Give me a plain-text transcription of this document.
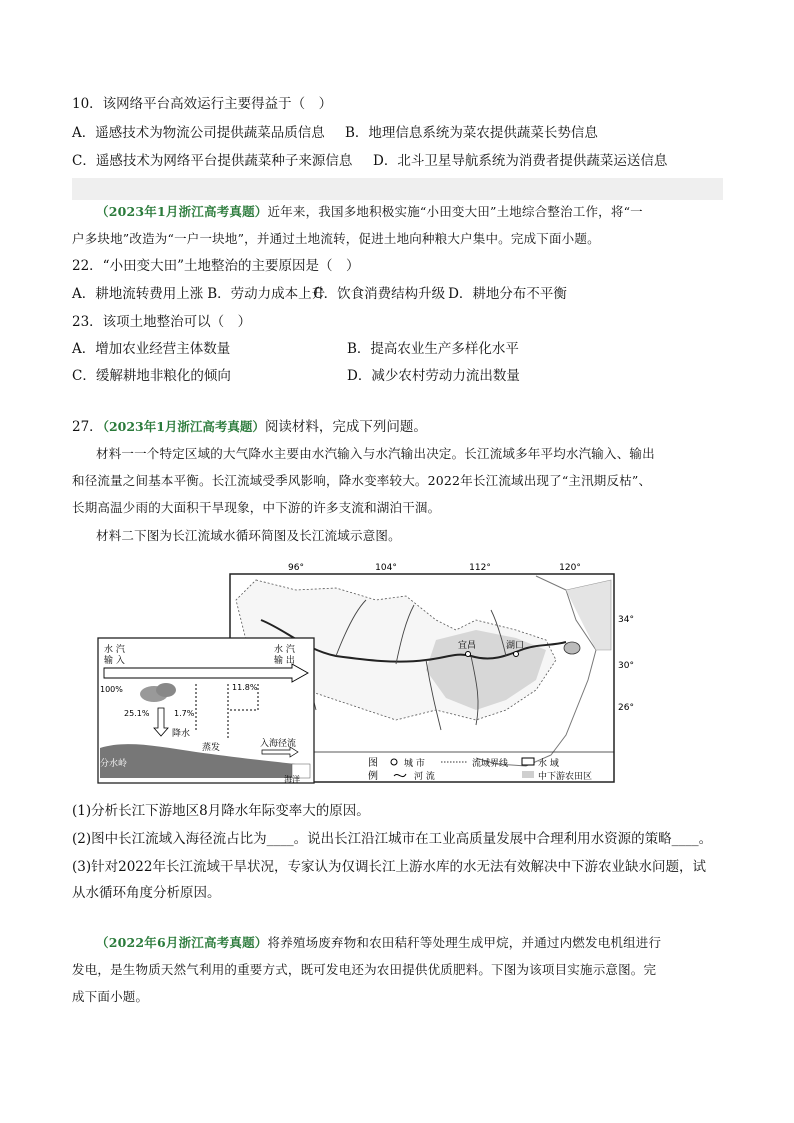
10．该网络平台高效运行主要得益于（　）
A．遥感技术为物流公司提供蔬菜品质信息 B．地理信息系统为菜农提供蔬菜长势信息
C．遥感技术为网络平台提供蔬菜种子来源信息 D．北斗卫星导航系统为消费者提供蔬菜运送信息
（2023年1月浙江高考真题）近年来，我国多地积极实施“小田变大田”土地综合整治工作，将“一
户多块地”改造为“一户一块地”，并通过土地流转，促进土地向种粮大户集中。完成下面小题。
22．“小田变大田”土地整治的主要原因是（　）
A．耕地流转费用上涨 B．劳动力成本上升C．饮食消费结构升级 D．耕地分布不平衡
23．该项土地整治可以（　）
A．增加农业经营主体数量	B．提高农业生产多样化水平
C．缓解耕地非粮化的倾向	D．减少农村劳动力流出数量
27．（2023年1月浙江高考真题）阅读材料，完成下列问题。
材料一一个特定区域的大气降水主要由水汽输入与水汽输出决定。长江流域多年平均水汽输入、输出
和径流量之间基本平衡。长江流域受季风影响，降水变率较大。2022年长江流域出现了“主汛期反枯”、
长期高温少雨的大面积干旱现象，中下游的许多支流和湖泊干涸。
材料二下图为长江流域水循环简图及长江流域示意图。
96°	104°	112°	120°
34°
30°
26°
宜昌	湖口
图
例
城 市	流域界线	水 域
河 流	中下游农田区
水 汽
输 入
水 汽
输 出
100%	11.8%
25.1%	1.7%
降水
蒸发	入海径流
分水岭
海洋
(1)分析长江下游地区8月降水年际变率大的原因。
(2)图中长江流域入海径流占比为____。说出长江沿江城市在工业高质量发展中合理利用水资源的策略____。
(3)针对2022年长江流域干旱状况，专家认为仅调长江上游水库的水无法有效解决中下游农业缺水问题，试
从水循环角度分析原因。
（2022年6月浙江高考真题）将养殖场废弃物和农田秸秆等处理生成甲烷，并通过内燃发电机组进行
发电，是生物质天然气利用的重要方式，既可发电还为农田提供优质肥料。下图为该项目实施示意图。完
成下面小题。
